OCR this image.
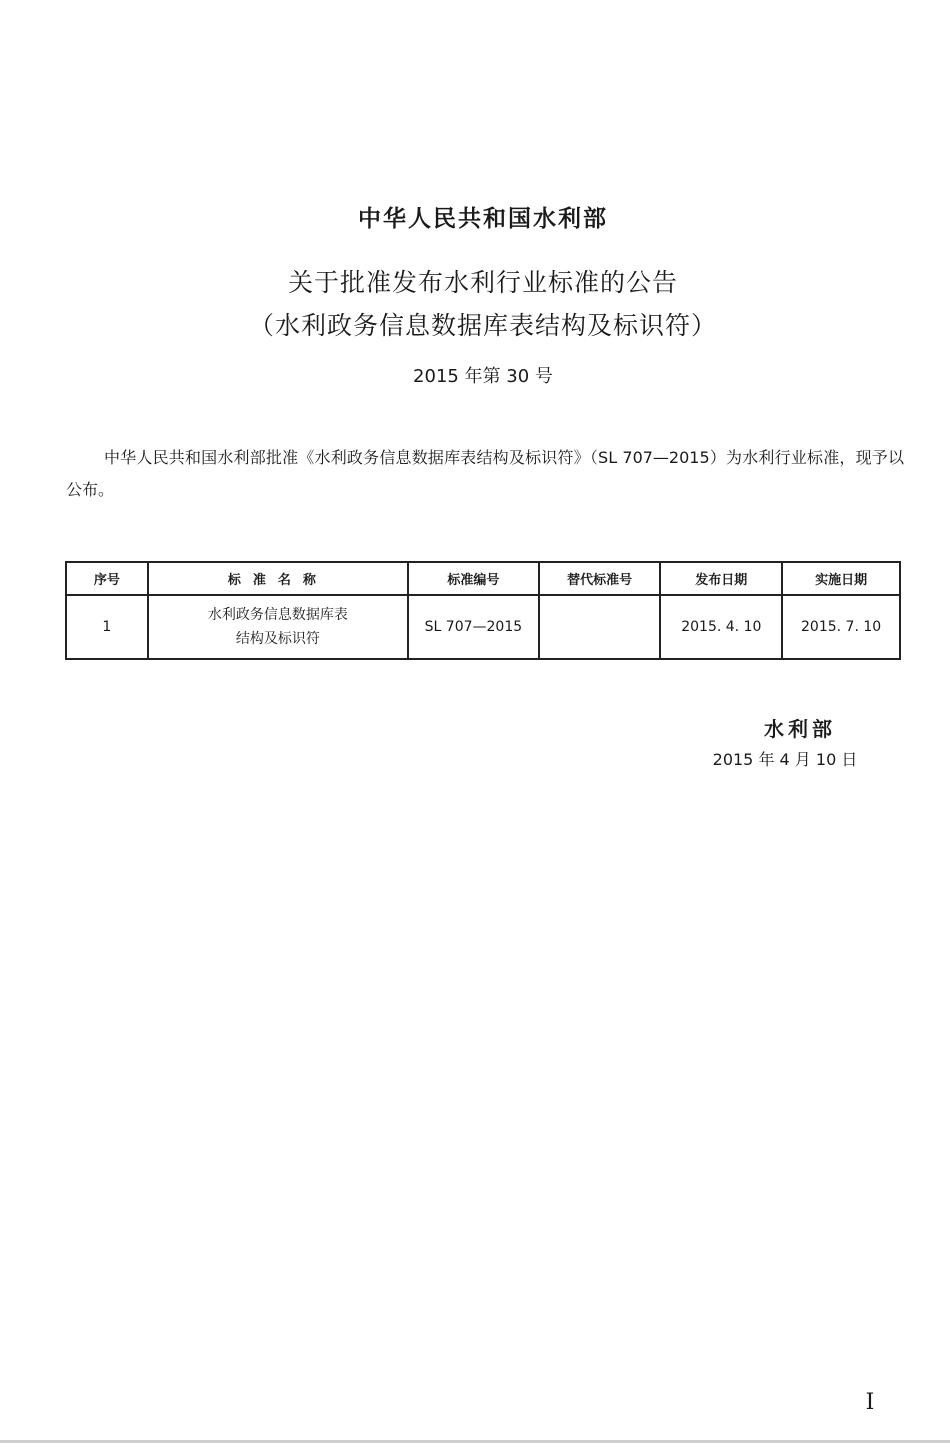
中华人民共和国水利部
关于批准发布水利行业标准的公告
（水利政务信息数据库表结构及标识符）
2015 年第 30 号
中华人民共和国水利部批准《水利政务信息数据库表结构及标识符》（SL 707—2015）为水利行业标准，现予以公布。
序号	标准名称	标准编号	替代标准号	发布日期	实施日期
1	水利政务信息数据库表
结构及标识符	SL 707—2015		2015. 4. 10	2015. 7. 10
水利部
2015 年 4 月 10 日
I
